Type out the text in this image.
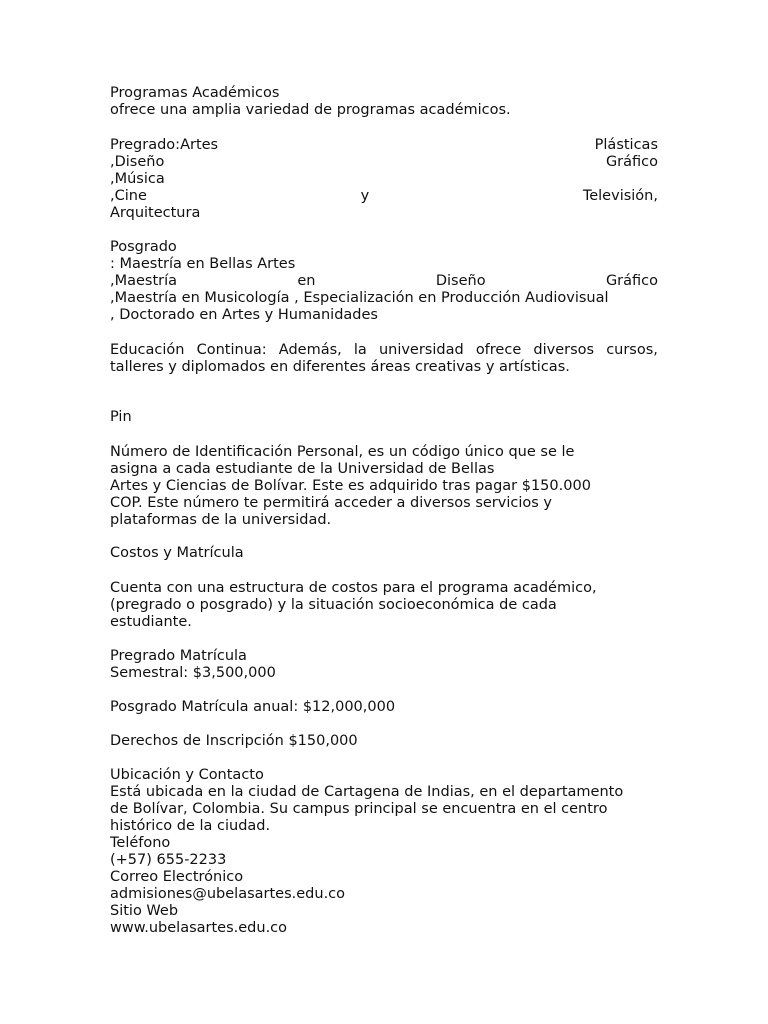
Programas Académicos
ofrece una amplia variedad de programas académicos.
Pregrado:Artes	Plásticas
,Diseño	Gráfico
,Música
,Cine	y	Televisión,
Arquitectura
Posgrado
: Maestría en Bellas Artes
,Maestría	en	Diseño	Gráfico
,Maestría en Musicología , Especialización en Producción Audiovisual
, Doctorado en Artes y Humanidades
Educación Continua: Además, la universidad ofrece diversos cursos,
talleres y diplomados en diferentes áreas creativas y artísticas.
Pin
Número de Identificación Personal, es un código único que se le
asigna a cada estudiante de la Universidad de Bellas
Artes y Ciencias de Bolívar. Este es adquirido tras pagar $150.000
COP. Este número te permitirá acceder a diversos servicios y
plataformas de la universidad.
Costos y Matrícula
Cuenta con una estructura de costos para el programa académico,
(pregrado o posgrado) y la situación socioeconómica de cada
estudiante.
Pregrado Matrícula
Semestral: $3,500,000
Posgrado Matrícula anual: $12,000,000
Derechos de Inscripción $150,000
Ubicación y Contacto
Está ubicada en la ciudad de Cartagena de Indias, en el departamento
de Bolívar, Colombia. Su campus principal se encuentra en el centro
histórico de la ciudad.
Teléfono
(+57) 655-2233
Correo Electrónico
admisiones@ubelasartes.edu.co
Sitio Web
www.ubelasartes.edu.co
